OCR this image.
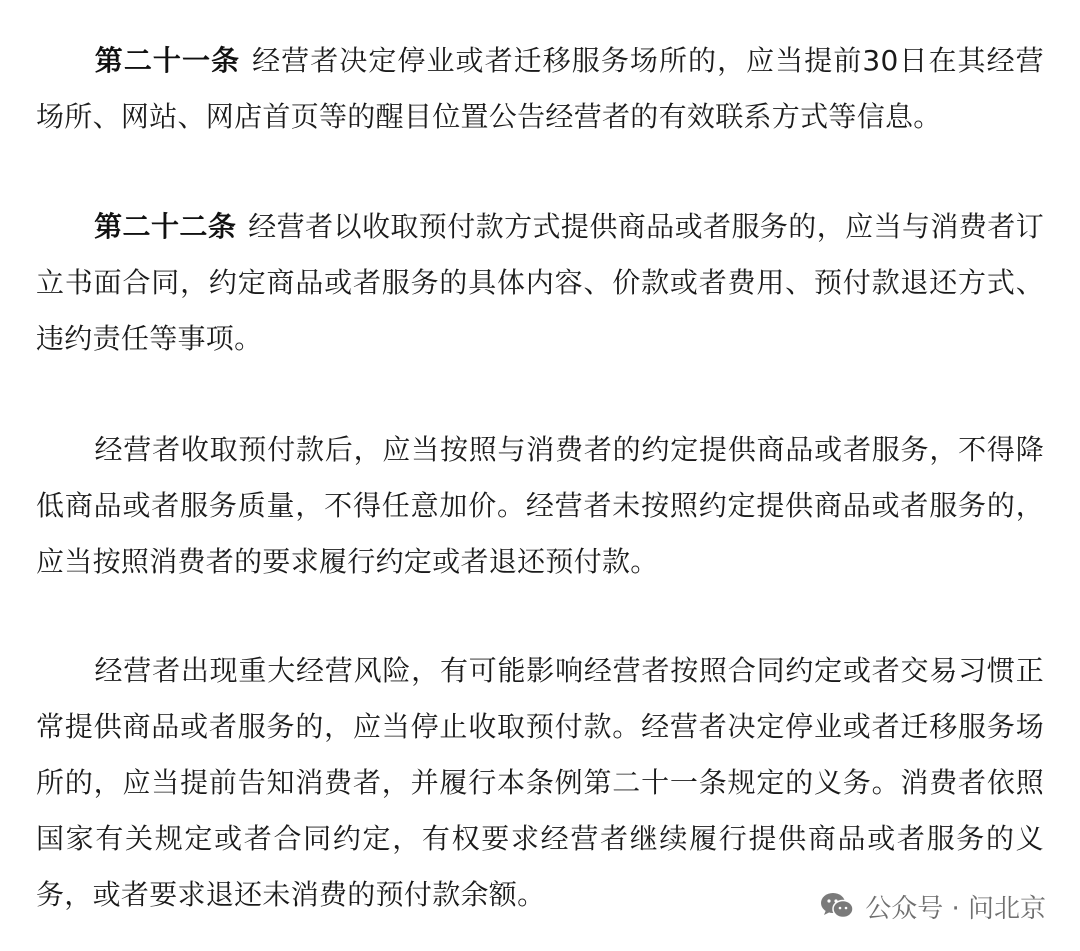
第二十一条 经营者决定停业或者迁移服务场所的，应当提前30日在其经营场所、网站、网店首页等的醒目位置公告经营者的有效联系方式等信息。
第二十二条 经营者以收取预付款方式提供商品或者服务的，应当与消费者订立书面合同，约定商品或者服务的具体内容、价款或者费用、预付款退还方式、违约责任等事项。
经营者收取预付款后，应当按照与消费者的约定提供商品或者服务，不得降低商品或者服务质量，不得任意加价。经营者未按照约定提供商品或者服务的，应当按照消费者的要求履行约定或者退还预付款。
经营者出现重大经营风险，有可能影响经营者按照合同约定或者交易习惯正常提供商品或者服务的，应当停止收取预付款。经营者决定停业或者迁移服务场所的，应当提前告知消费者，并履行本条例第二十一条规定的义务。消费者依照国家有关规定或者合同约定，有权要求经营者继续履行提供商品或者服务的义务，或者要求退还未消费的预付款余额。	公众号 · 问北京
